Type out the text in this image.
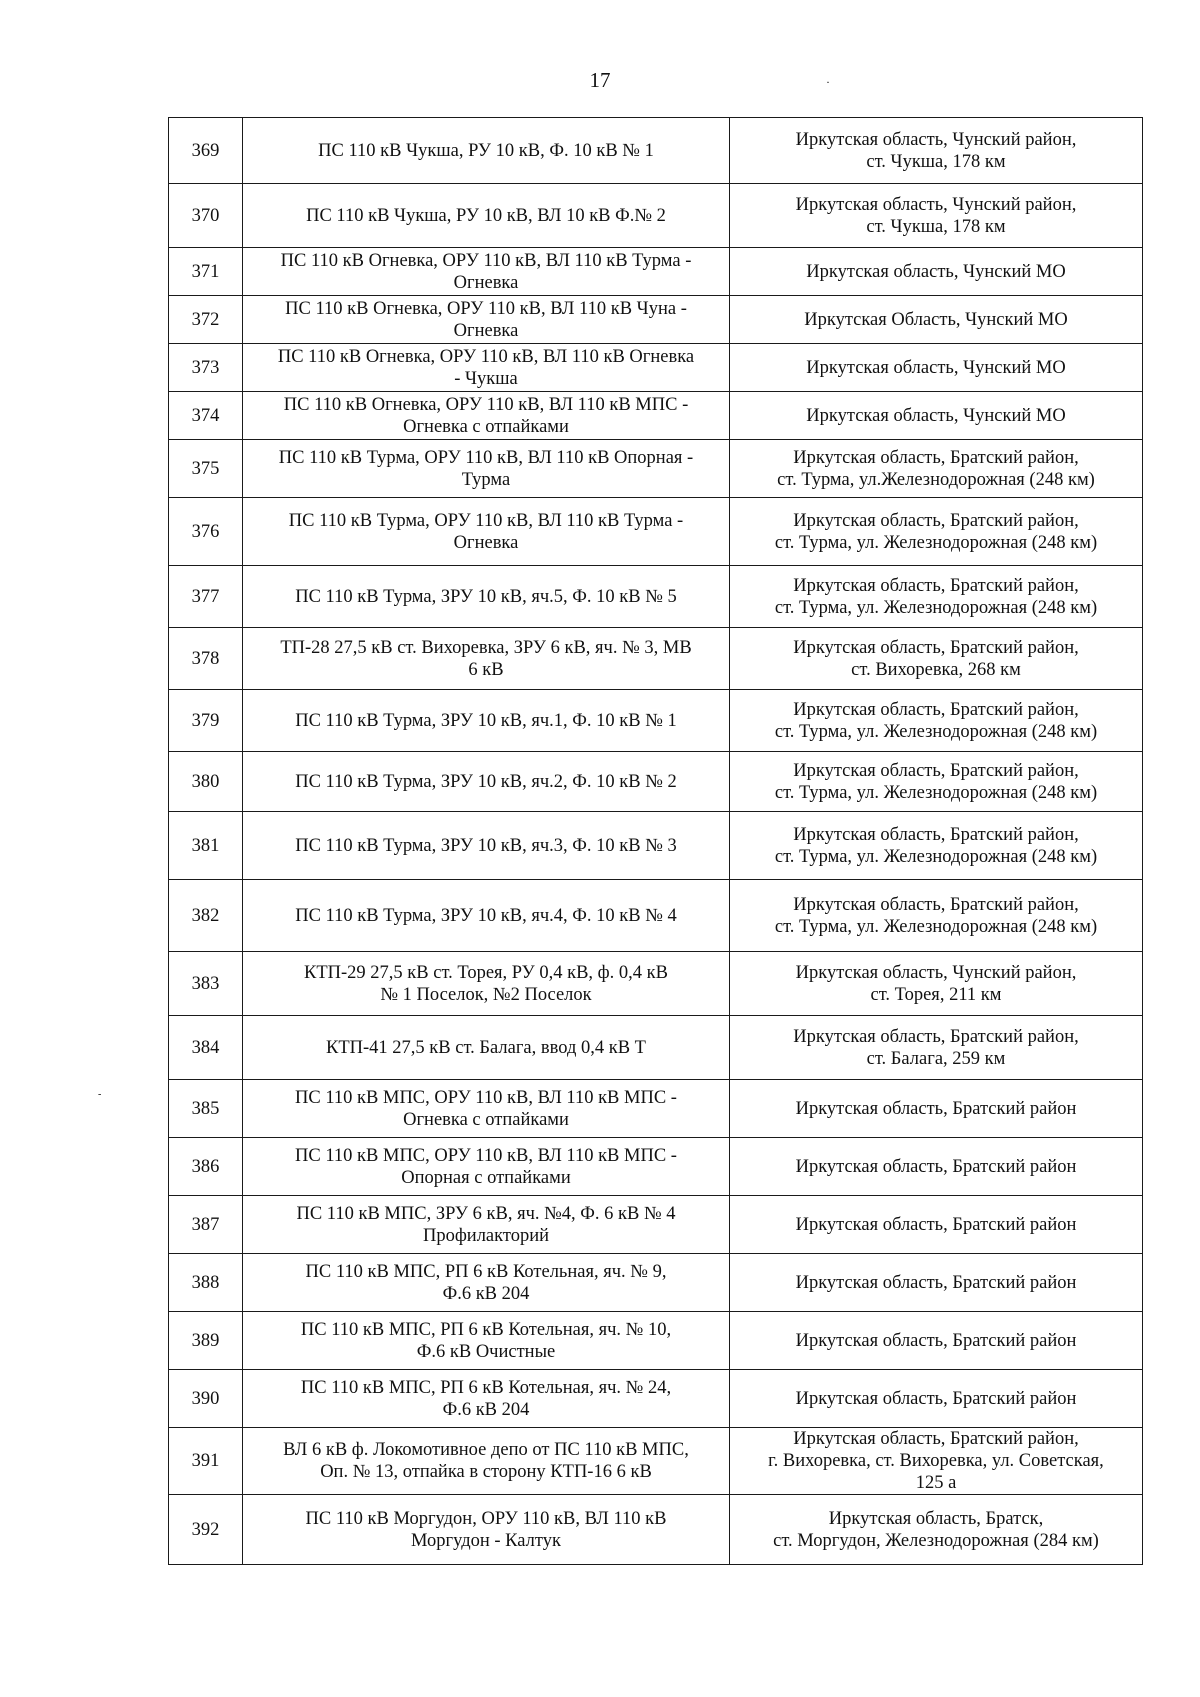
17	·
-
369	ПС 110 кВ Чукша, РУ 10 кВ, Ф. 10 кВ № 1	Иркутская область, Чунский район,
ст. Чукша, 178 км
370	ПС 110 кВ Чукша, РУ 10 кВ, ВЛ 10 кВ Ф.№ 2	Иркутская область, Чунский район,
ст. Чукша, 178 км
371	ПС 110 кВ Огневка, ОРУ 110 кВ, ВЛ 110 кВ Турма -
Огневка	Иркутская область, Чунский МО
372	ПС 110 кВ Огневка, ОРУ 110 кВ, ВЛ 110 кВ Чуна -
Огневка	Иркутская Область, Чунский МО
373	ПС 110 кВ Огневка, ОРУ 110 кВ, ВЛ 110 кВ Огневка
- Чукша	Иркутская область, Чунский МО
374	ПС 110 кВ Огневка, ОРУ 110 кВ, ВЛ 110 кВ МПС -
Огневка с отпайками	Иркутская область, Чунский МО
375	ПС 110 кВ Турма, ОРУ 110 кВ, ВЛ 110 кВ Опорная -
Турма	Иркутская область, Братский район,
ст. Турма, ул.Железнодорожная (248 км)
376	ПС 110 кВ Турма, ОРУ 110 кВ, ВЛ 110 кВ Турма -
Огневка	Иркутская область, Братский район,
ст. Турма, ул. Железнодорожная (248 км)
377	ПС 110 кВ Турма, ЗРУ 10 кВ, яч.5, Ф. 10 кВ № 5	Иркутская область, Братский район,
ст. Турма, ул. Железнодорожная (248 км)
378	ТП-28 27,5 кВ ст. Вихоревка, ЗРУ 6 кВ, яч. № 3, МВ
6 кВ	Иркутская область, Братский район,
ст. Вихоревка, 268 км
379	ПС 110 кВ Турма, ЗРУ 10 кВ, яч.1, Ф. 10 кВ № 1	Иркутская область, Братский район,
ст. Турма, ул. Железнодорожная (248 км)
380	ПС 110 кВ Турма, ЗРУ 10 кВ, яч.2, Ф. 10 кВ № 2	Иркутская область, Братский район,
ст. Турма, ул. Железнодорожная (248 км)
381	ПС 110 кВ Турма, ЗРУ 10 кВ, яч.3, Ф. 10 кВ № 3	Иркутская область, Братский район,
ст. Турма, ул. Железнодорожная (248 км)
382	ПС 110 кВ Турма, ЗРУ 10 кВ, яч.4, Ф. 10 кВ № 4	Иркутская область, Братский район,
ст. Турма, ул. Железнодорожная (248 км)
383	КТП-29 27,5 кВ ст. Торея, РУ 0,4 кВ, ф. 0,4 кВ
№ 1 Поселок, №2 Поселок	Иркутская область, Чунский район,
ст. Торея, 211 км
384	КТП-41 27,5 кВ ст. Балага, ввод 0,4 кВ Т	Иркутская область, Братский район,
ст. Балага, 259 км
385	ПС 110 кВ МПС, ОРУ 110 кВ, ВЛ 110 кВ МПС -
Огневка с отпайками	Иркутская область, Братский район
386	ПС 110 кВ МПС, ОРУ 110 кВ, ВЛ 110 кВ МПС -
Опорная с отпайками	Иркутская область, Братский район
387	ПС 110 кВ МПС, ЗРУ 6 кВ, яч. №4, Ф. 6 кВ № 4
Профилакторий	Иркутская область, Братский район
388	ПС 110 кВ МПС, РП 6 кВ Котельная, яч. № 9,
Ф.6 кВ 204	Иркутская область, Братский район
389	ПС 110 кВ МПС, РП 6 кВ Котельная, яч. № 10,
Ф.6 кВ Очистные	Иркутская область, Братский район
390	ПС 110 кВ МПС, РП 6 кВ Котельная, яч. № 24,
Ф.6 кВ 204	Иркутская область, Братский район
391	ВЛ 6 кВ ф. Локомотивное депо от ПС 110 кВ МПС,
Оп. № 13, отпайка в сторону КТП-16 6 кВ	Иркутская область, Братский район,
г. Вихоревка, ст. Вихоревка, ул. Советская,
125 а
392	ПС 110 кВ Моргудон, ОРУ 110 кВ, ВЛ 110 кВ
Моргудон - Калтук	Иркутская область, Братск,
ст. Моргудон, Железнодорожная (284 км)
